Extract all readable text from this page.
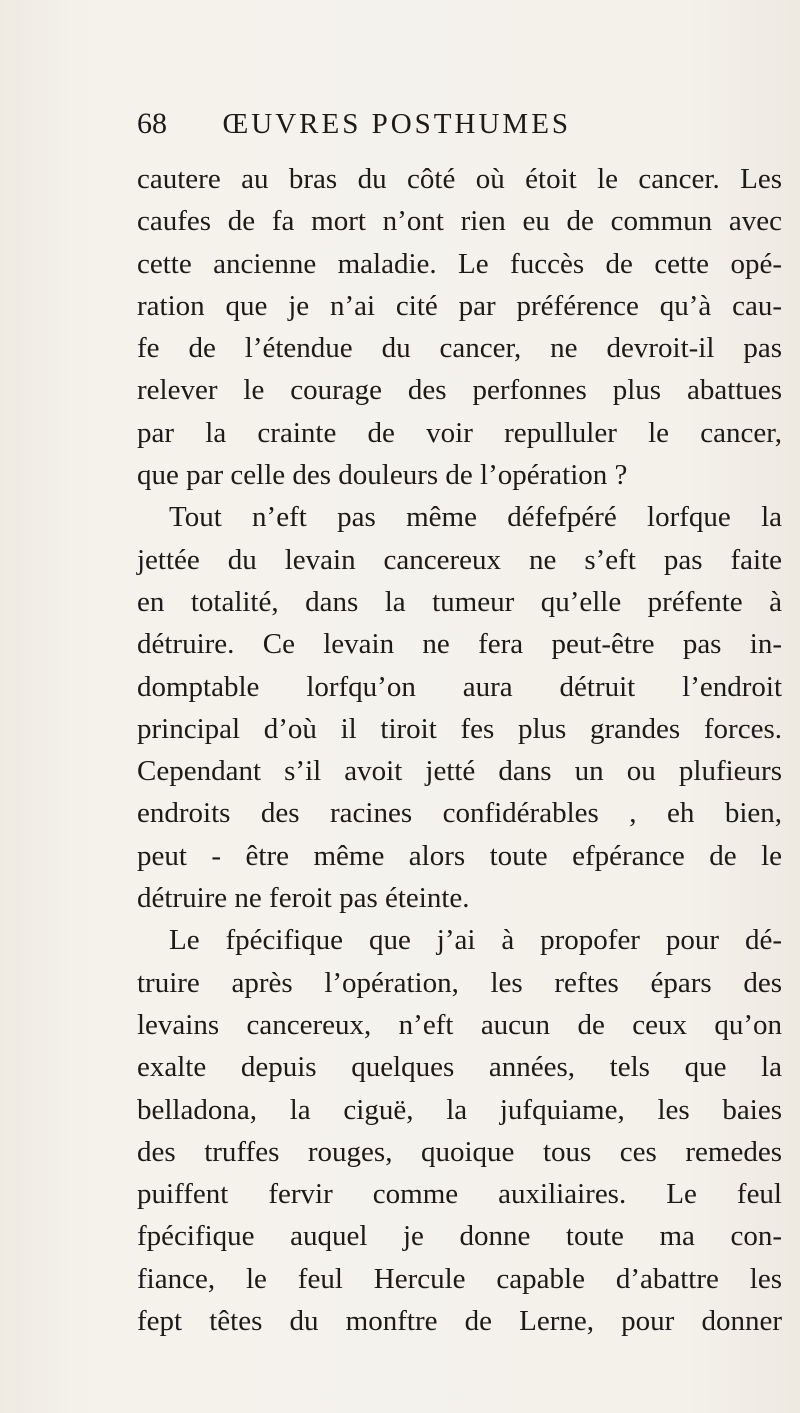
68 ŒUVRES POSTHUMES
cautere au bras du côté où étoit le cancer. Les
caufes de fa mort n’ont rien eu de commun avec
cette ancienne maladie. Le fuccès de cette opé-
ration que je n’ai cité par préférence qu’à cau-
fe de l’étendue du cancer, ne devroit-il pas
relever le courage des perfonnes plus abattues
par la crainte de voir repulluler le cancer,
que par celle des douleurs de l’opération ?
Tout n’eft pas même défefpéré lorfque la
jettée du levain cancereux ne s’eft pas faite
en totalité, dans la tumeur qu’elle préfente à
détruire. Ce levain ne fera peut-être pas in-
domptable lorfqu’on aura détruit l’endroit
principal d’où il tiroit fes plus grandes forces.
Cependant s’il avoit jetté dans un ou plufieurs
endroits des racines confidérables , eh bien,
peut - être même alors toute efpérance de le
détruire ne feroit pas éteinte.
Le fpécifique que j’ai à propofer pour dé-
truire après l’opération, les reftes épars des
levains cancereux, n’eft aucun de ceux qu’on
exalte depuis quelques années, tels que la
belladona, la ciguë, la jufquiame, les baies
des truffes rouges, quoique tous ces remedes
puiffent fervir comme auxiliaires. Le feul
fpécifique auquel je donne toute ma con-
fiance, le feul Hercule capable d’abattre les
fept têtes du monftre de Lerne, pour donner
